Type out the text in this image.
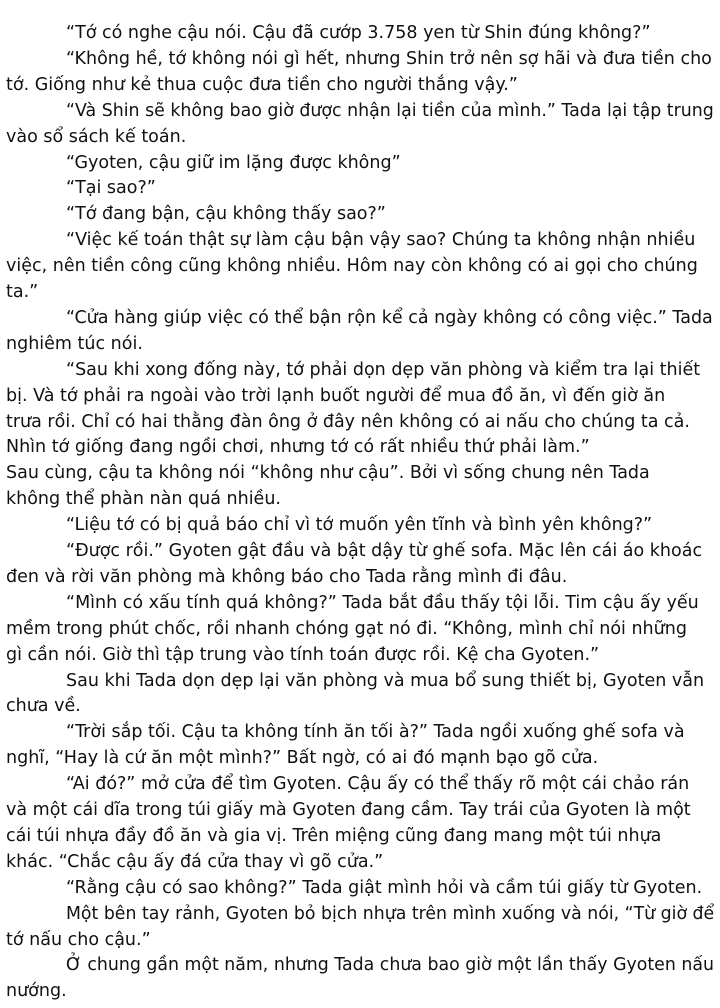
“Tớ có nghe cậu nói. Cậu đã cướp 3.758 yen từ Shin đúng không?”
“Không hề, tớ không nói gì hết, nhưng Shin trở nên sợ hãi và đưa tiền cho
tớ. Giống như kẻ thua cuộc đưa tiền cho người thắng vậy.”
“Và Shin sẽ không bao giờ được nhận lại tiền của mình.” Tada lại tập trung
vào sổ sách kế toán.
“Gyoten, cậu giữ im lặng được không”
“Tại sao?”
“Tớ đang bận, cậu không thấy sao?”
“Việc kế toán thật sự làm cậu bận vậy sao? Chúng ta không nhận nhiều
việc, nên tiền công cũng không nhiều. Hôm nay còn không có ai gọi cho chúng
ta.”
“Cửa hàng giúp việc có thể bận rộn kể cả ngày không có công việc.” Tada
nghiêm túc nói.
“Sau khi xong đống này, tớ phải dọn dẹp văn phòng và kiểm tra lại thiết
bị. Và tớ phải ra ngoài vào trời lạnh buốt người để mua đồ ăn, vì đến giờ ăn
trưa rồi. Chỉ có hai thằng đàn ông ở đây nên không có ai nấu cho chúng ta cả.
Nhìn tớ giống đang ngồi chơi, nhưng tớ có rất nhiều thứ phải làm.”
Sau cùng, cậu ta không nói “không như cậu”. Bởi vì sống chung nên Tada
không thể phàn nàn quá nhiều.
“Liệu tớ có bị quả báo chỉ vì tớ muốn yên tĩnh và bình yên không?”
“Được rồi.” Gyoten gật đầu và bật dậy từ ghế sofa. Mặc lên cái áo khoác
đen và rời văn phòng mà không báo cho Tada rằng mình đi đâu.
“Mình có xấu tính quá không?” Tada bắt đầu thấy tội lỗi. Tim cậu ấy yếu
mềm trong phút chốc, rồi nhanh chóng gạt nó đi. “Không, mình chỉ nói những
gì cần nói. Giờ thì tập trung vào tính toán được rồi. Kệ cha Gyoten.”
Sau khi Tada dọn dẹp lại văn phòng và mua bổ sung thiết bị, Gyoten vẫn
chưa về.
“Trời sắp tối. Cậu ta không tính ăn tối à?” Tada ngồi xuống ghế sofa và
nghĩ, “Hay là cứ ăn một mình?” Bất ngờ, có ai đó mạnh bạo gõ cửa.
“Ai đó?” mở cửa để tìm Gyoten. Cậu ấy có thể thấy rõ một cái chảo rán
và một cái dĩa trong túi giấy mà Gyoten đang cầm. Tay trái của Gyoten là một
cái túi nhựa đầy đồ ăn và gia vị. Trên miệng cũng đang mang một túi nhựa
khác. “Chắc cậu ấy đá cửa thay vì gõ cửa.”
“Rằng cậu có sao không?” Tada giật mình hỏi và cầm túi giấy từ Gyoten.
Một bên tay rảnh, Gyoten bỏ bịch nhựa trên mình xuống và nói, “Từ giờ để
tớ nấu cho cậu.”
Ở chung gần một năm, nhưng Tada chưa bao giờ một lần thấy Gyoten nấu
nướng.
